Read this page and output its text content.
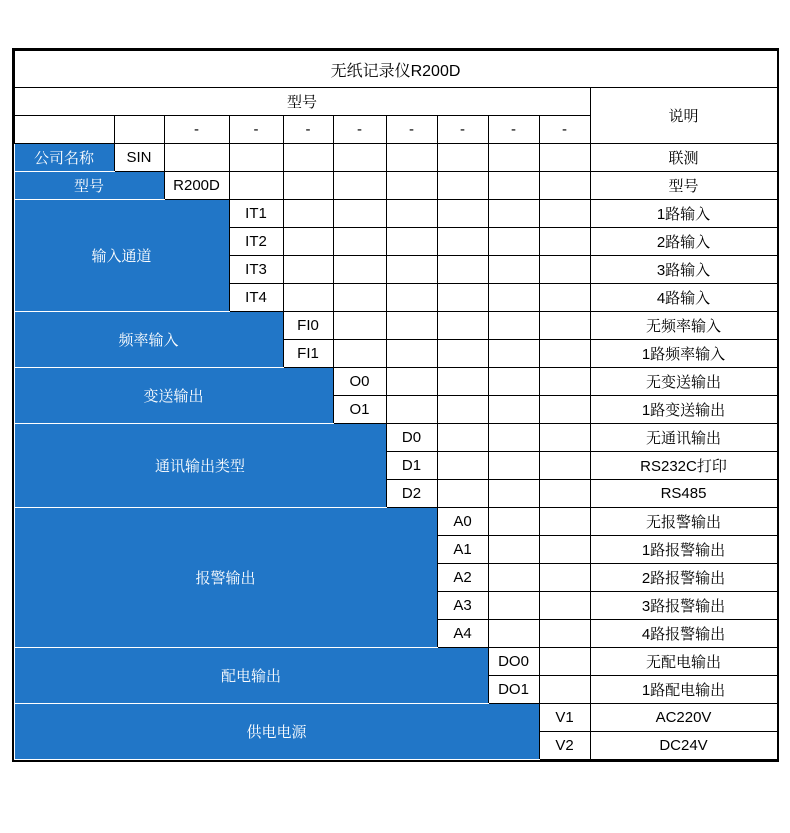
无纸记录仪R200D										
型号										说明
		-	-	-	-	-	-	-	-	
公司名称	SIN									联测
型号		R200D								型号
输入通道			IT1							1路输入
			IT2							2路输入
			IT3							3路输入
			IT4							4路输入
频率输入				FI0						无频率输入
				FI1						1路频率输入
变送输出					O0					无变送输出
					O1					1路变送输出
通讯输出类型						D0				无通讯输出
						D1				RS232C打印
						D2				RS485
报警输出							A0			无报警输出
							A1			1路报警输出
							A2			2路报警输出
							A3			3路报警输出
							A4			4路报警输出
配电输出								DO0		无配电输出
								DO1		1路配电输出
供电电源									V1	AC220V
									V2	DC24V
